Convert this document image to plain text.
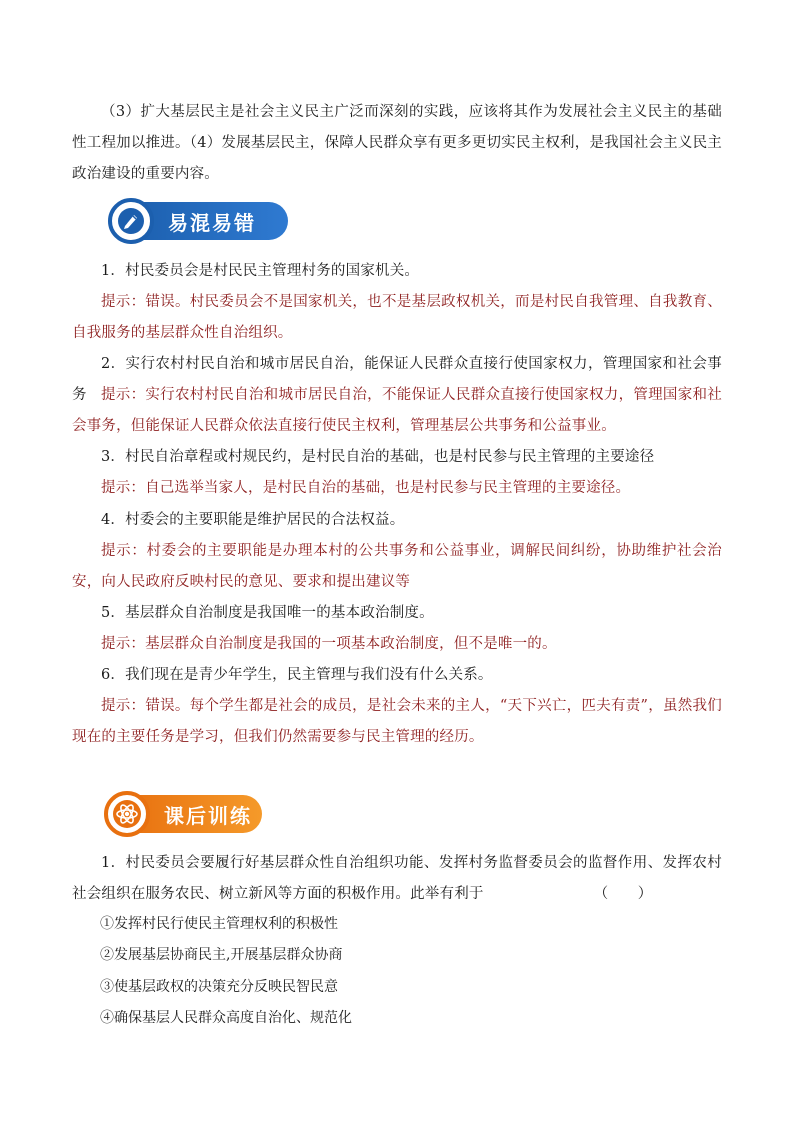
（3）扩大基层民主是社会主义民主广泛而深刻的实践，应该将其作为发展社会主义民主的基础性工程加以推进。（4）发展基层民主，保障人民群众享有更多更切实民主权利，是我国社会主义民主政治建设的重要内容。
易混易错
1．村民委员会是村民民主管理村务的国家机关。
提示：错误。村民委员会不是国家机关，也不是基层政权机关，而是村民自我管理、自我教育、自我服务的基层群众性自治组织。
2．实行农村村民自治和城市居民自治，能保证人民群众直接行使国家权力，管理国家和社会事务 提示：实行农村村民自治和城市居民自治，不能保证人民群众直接行使国家权力，管理国家和社会事务，但能保证人民群众依法直接行使民主权利，管理基层公共事务和公益事业。
3．村民自治章程或村规民约，是村民自治的基础，也是村民参与民主管理的主要途径
提示：自己选举当家人，是村民自治的基础，也是村民参与民主管理的主要途径。
4．村委会的主要职能是维护居民的合法权益。
提示：村委会的主要职能是办理本村的公共事务和公益事业，调解民间纠纷，协助维护社会治安，向人民政府反映村民的意见、要求和提出建议等
5．基层群众自治制度是我国唯一的基本政治制度。
提示：基层群众自治制度是我国的一项基本政治制度，但不是唯一的。
6．我们现在是青少年学生，民主管理与我们没有什么关系。
提示：错误。每个学生都是社会的成员，是社会未来的主人，“天下兴亡，匹夫有责”，虽然我们现在的主要任务是学习，但我们仍然需要参与民主管理的经历。
课后训练
1．村民委员会要履行好基层群众性自治组织功能、发挥村务监督委员会的监督作用、发挥农村社会组织在服务农民、树立新风等方面的积极作用。此举有利于	（　　）
①发挥村民行使民主管理权利的积极性
②发展基层协商民主,开展基层群众协商
③使基层政权的决策充分反映民智民意
④确保基层人民群众高度自治化、规范化
